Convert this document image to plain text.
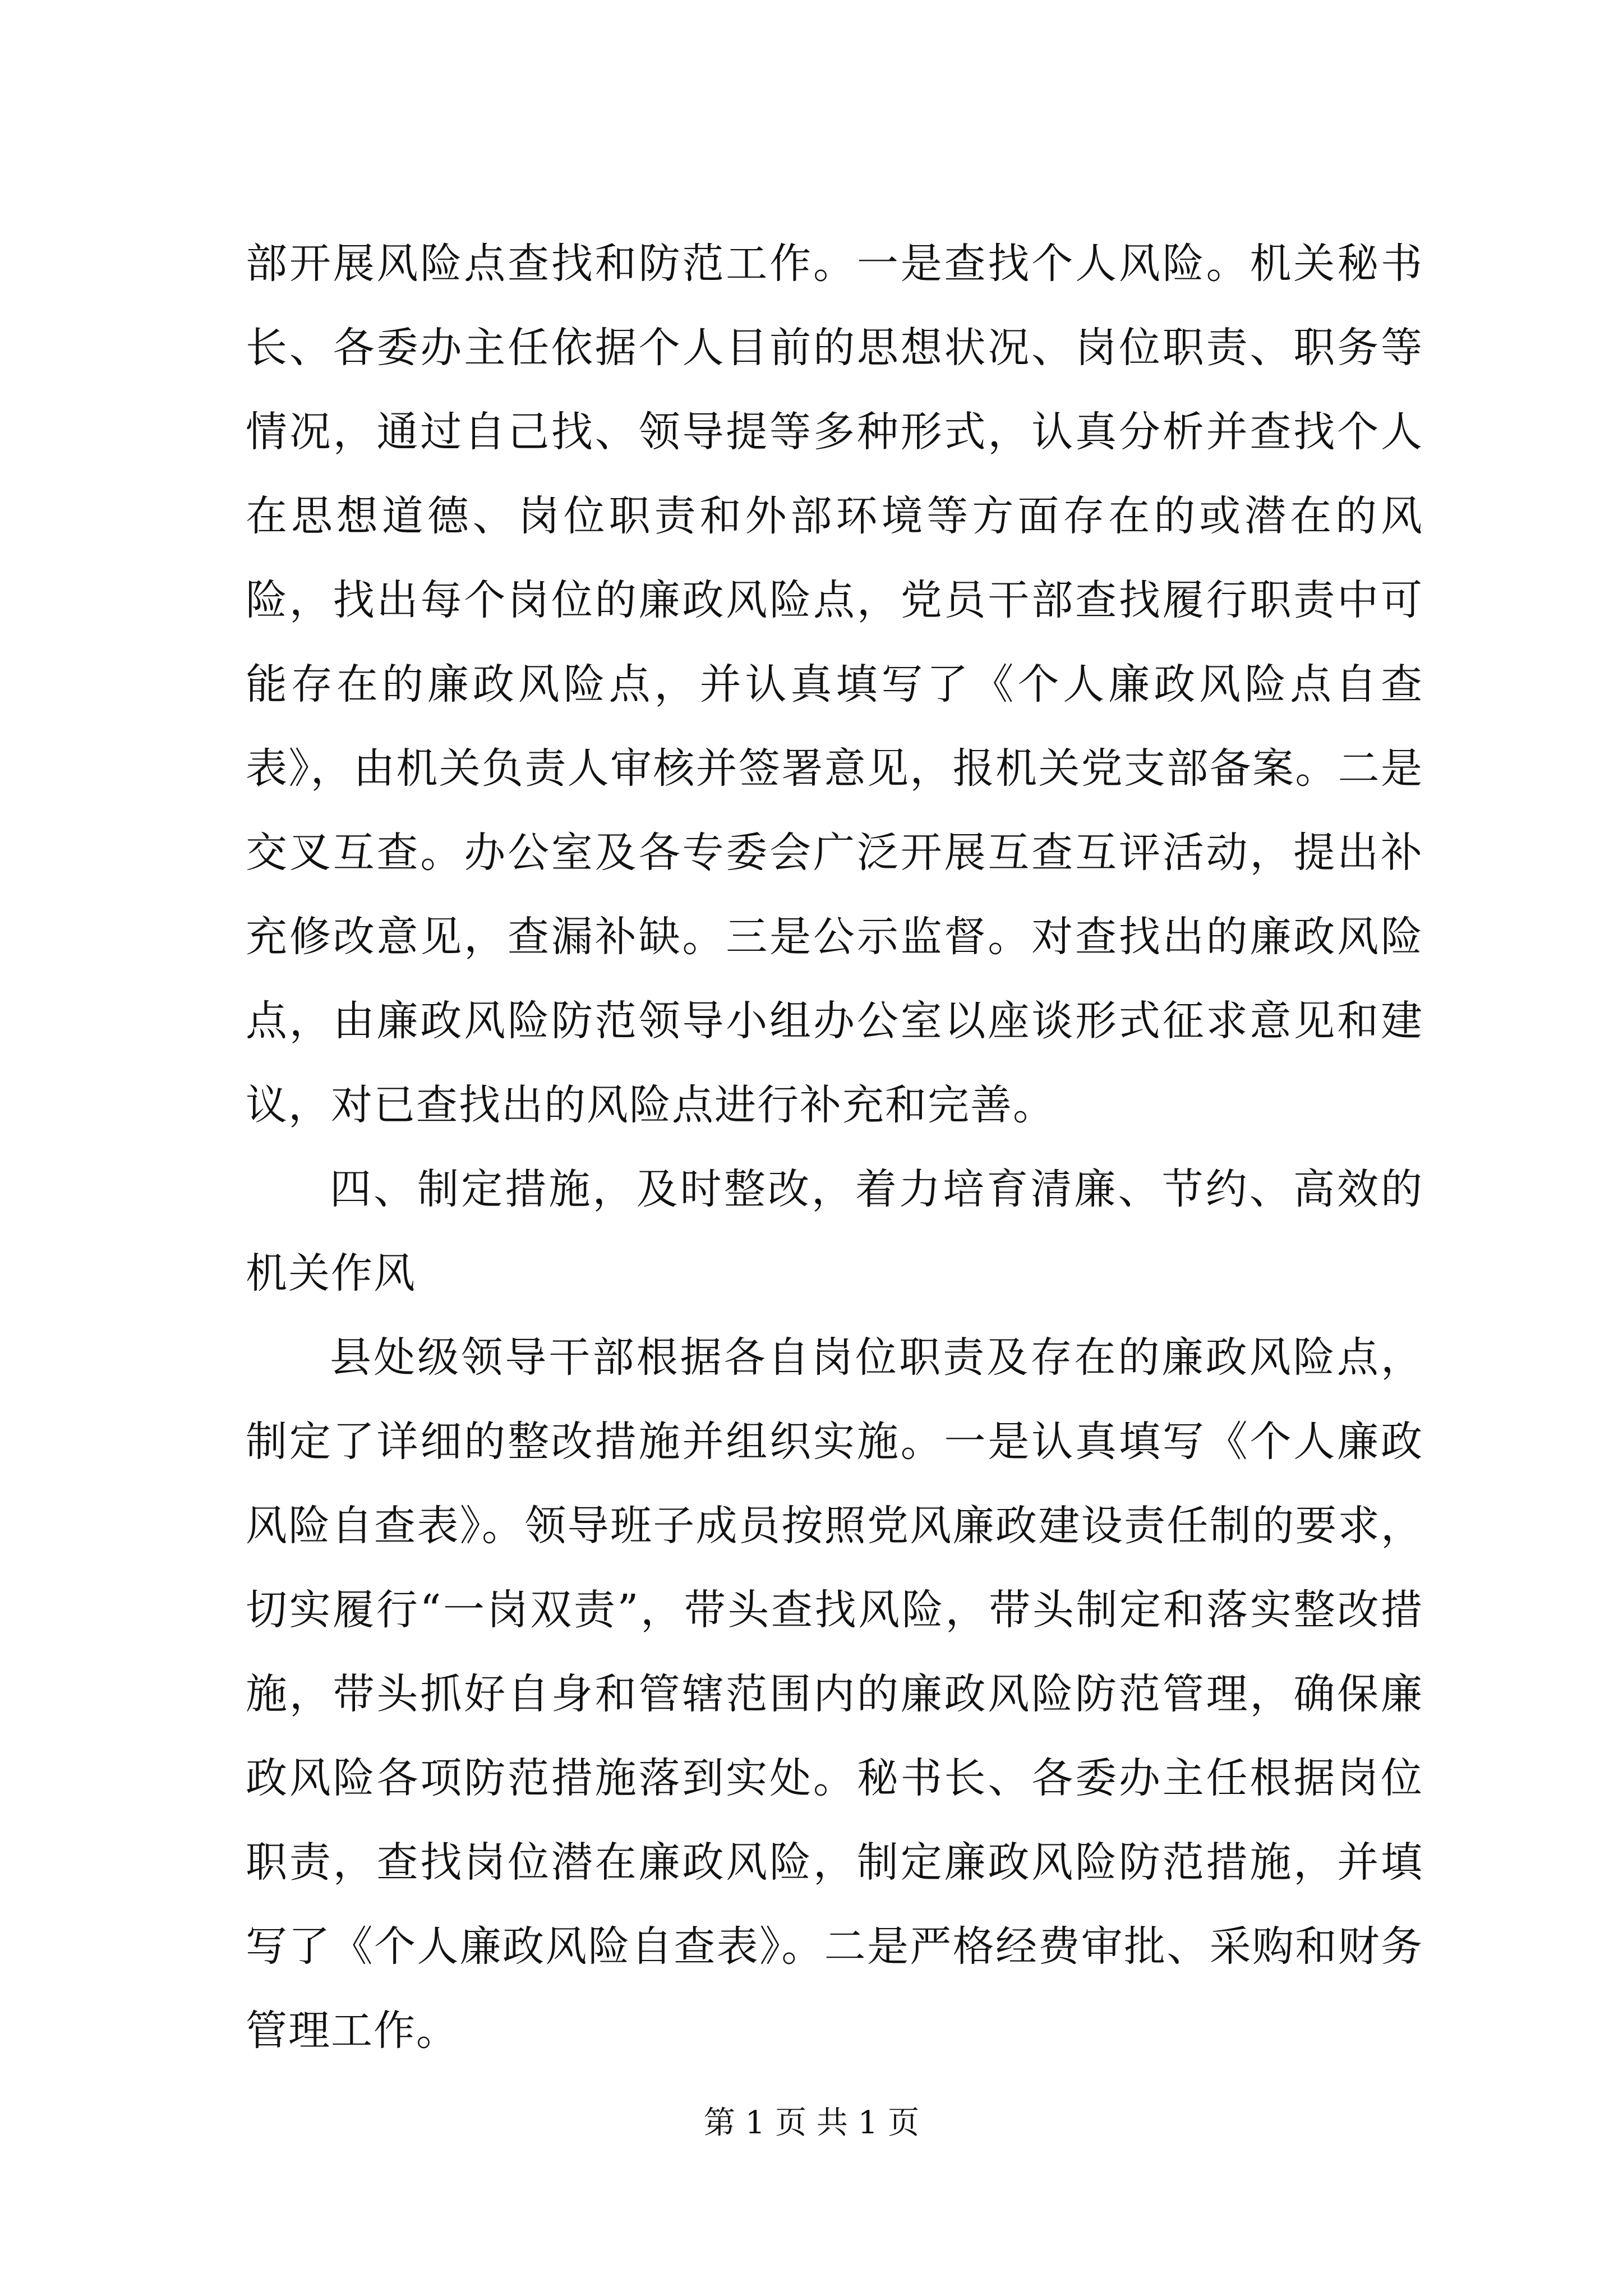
部开展风险点查找和防范工作。一是查找个人风险。机关秘书长、各委办主任依据个人目前的思想状况、岗位职责、职务等情况，通过自己找、领导提等多种形式，认真分析并查找个人在思想道德、岗位职责和外部环境等方面存在的或潜在的风险，找出每个岗位的廉政风险点，党员干部查找履行职责中可能存在的廉政风险点，并认真填写了《个人廉政风险点自查表》，由机关负责人审核并签署意见，报机关党支部备案。二是交叉互查。办公室及各专委会广泛开展互查互评活动，提出补充修改意见，查漏补缺。三是公示监督。对查找出的廉政风险点，由廉政风险防范领导小组办公室以座谈形式征求意见和建议，对已查找出的风险点进行补充和完善。

四、制定措施，及时整改，着力培育清廉、节约、高效的机关作风

县处级领导干部根据各自岗位职责及存在的廉政风险点，制定了详细的整改措施并组织实施。一是认真填写《个人廉政风险自查表》。领导班子成员按照党风廉政建设责任制的要求，切实履行“一岗双责”，带头查找风险，带头制定和落实整改措施，带头抓好自身和管辖范围内的廉政风险防范管理，确保廉政风险各项防范措施落到实处。秘书长、各委办主任根据岗位职责，查找岗位潜在廉政风险，制定廉政风险防范措施，并填写了《个人廉政风险自查表》。二是严格经费审批、采购和财务管理工作。

第 1 页 共 1 页
